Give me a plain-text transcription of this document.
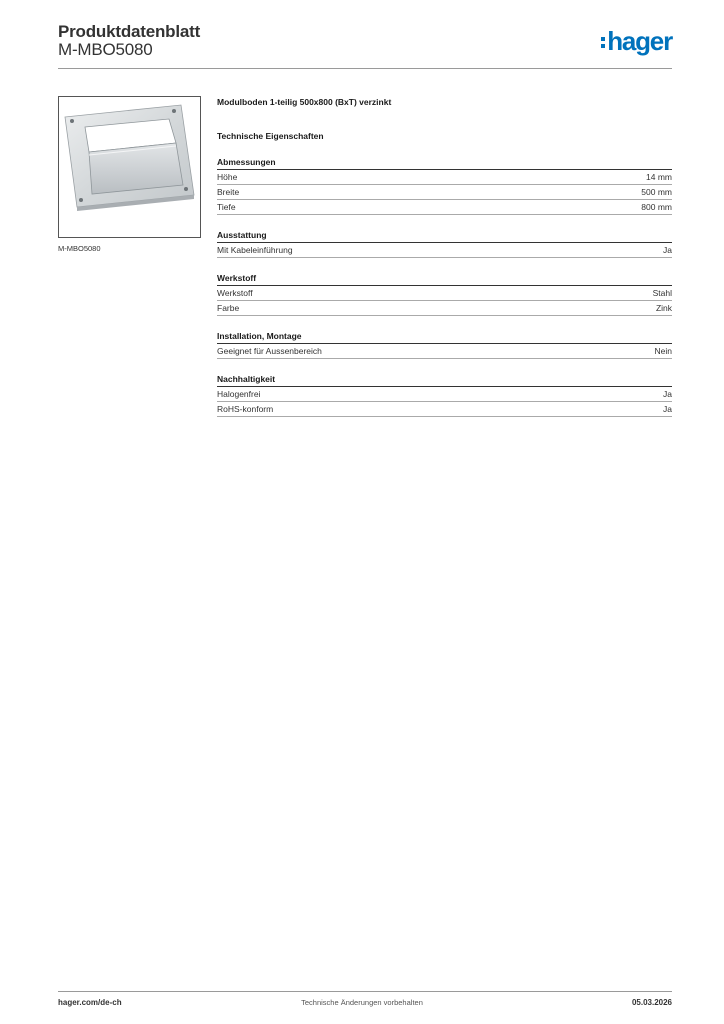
Produktdatenblatt
M-MBO5080	hager
M-MBO5080
Modulboden 1-teilig 500x800 (BxT) verzinkt
Technische Eigenschaften
Abmessungen
Höhe	14 mm
Breite	500 mm
Tiefe	800 mm
Ausstattung
Mit Kabeleinführung	Ja
Werkstoff
Werkstoff	Stahl
Farbe	Zink
Installation, Montage
Geeignet für Aussenbereich	Nein
Nachhaltigkeit
Halogenfrei	Ja
RoHS-konform	Ja
hager.com/de-ch	Technische Änderungen vorbehalten	05.03.2026
